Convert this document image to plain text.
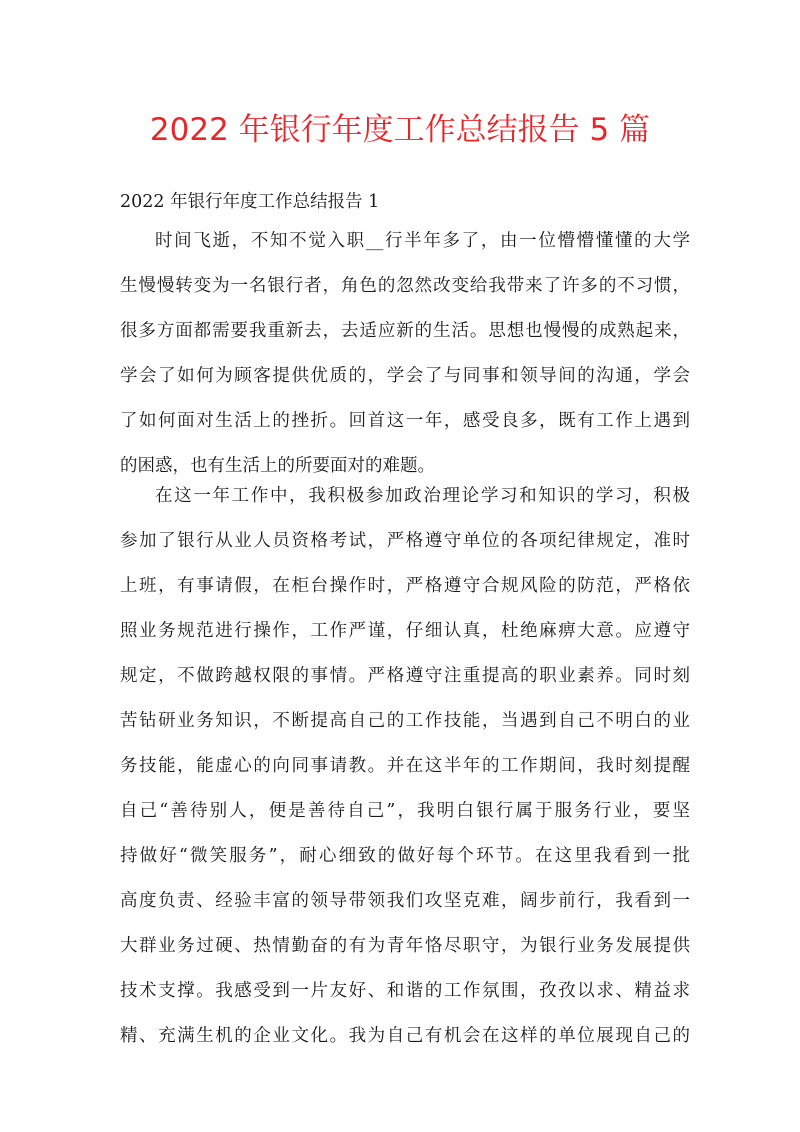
2022 年银行年度工作总结报告 5 篇
2022 年银行年度工作总结报告 1
时间飞逝，不知不觉入职__行半年多了，由一位懵懵懂懂的大学
生慢慢转变为一名银行者，角色的忽然改变给我带来了许多的不习惯，
很多方面都需要我重新去，去适应新的生活。思想也慢慢的成熟起来，
学会了如何为顾客提供优质的，学会了与同事和领导间的沟通，学会
了如何面对生活上的挫折。回首这一年，感受良多，既有工作上遇到
的困惑，也有生活上的所要面对的难题。
在这一年工作中，我积极参加政治理论学习和知识的学习，积极
参加了银行从业人员资格考试，严格遵守单位的各项纪律规定，准时
上班，有事请假，在柜台操作时，严格遵守合规风险的防范，严格依
照业务规范进行操作，工作严谨，仔细认真，杜绝麻痹大意。应遵守
规定，不做跨越权限的事情。严格遵守注重提高的职业素养。同时刻
苦钻研业务知识，不断提高自己的工作技能，当遇到自己不明白的业
务技能，能虚心的向同事请教。并在这半年的工作期间，我时刻提醒
自己“善待别人，便是善待自己”，我明白银行属于服务行业，要坚
持做好“微笑服务”，耐心细致的做好每个环节。在这里我看到一批
高度负责、经验丰富的领导带领我们攻坚克难，阔步前行，我看到一
大群业务过硬、热情勤奋的有为青年恪尽职守，为银行业务发展提供
技术支撑。我感受到一片友好、和谐的工作氛围，孜孜以求、精益求
精、充满生机的企业文化。我为自己有机会在这样的单位展现自己的
